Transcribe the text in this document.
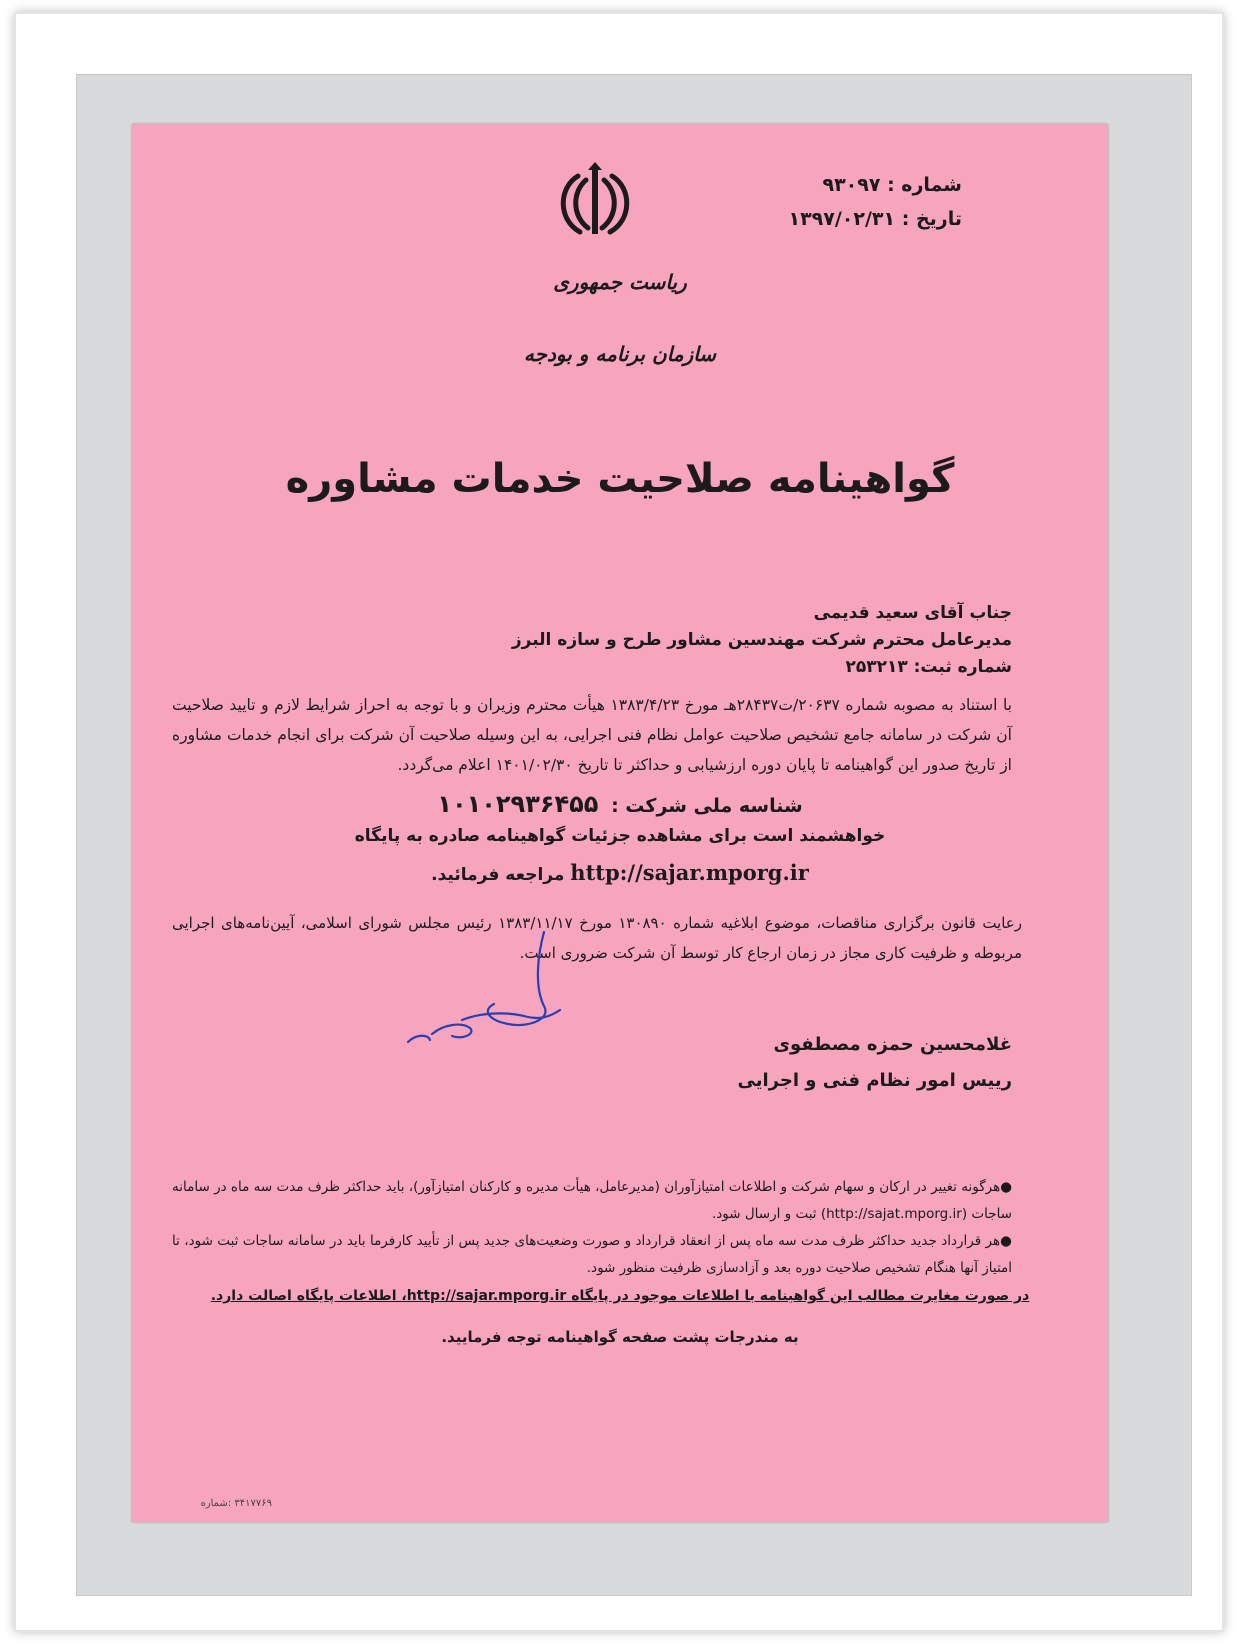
شماره : ۹۳۰۹۷
تاریخ : ۱۳۹۷/۰۲/۳۱
ریاست جمهوری
سازمان برنامه و بودجه
گواهینامه صلاحیت خدمات مشاوره
جناب آقای سعید قدیمی
مدیرعامل محترم شرکت مهندسین مشاور طرح و سازه البرز
شماره ثبت: ۲۵۳۲۱۳
با استناد به مصوبه شماره ۲۰۶۳۷/ت۲۸۴۳۷هـ مورخ ۱۳۸۳/۴/۲۳ هیأت محترم وزیران و با توجه به احراز شرایط لازم و تایید صلاحیت آن شرکت در سامانه جامع تشخیص صلاحیت عوامل نظام فنی اجرایی، به این وسیله صلاحیت آن شرکت برای انجام خدمات مشاوره از تاریخ صدور این گواهینامه تا پایان دوره ارزشیابی و حداکثر تا تاریخ ۱۴۰۱/۰۲/۳۰ اعلام می‌گردد.
شناسه ملی شرکت : ۱۰۱۰۲۹۳۶۴۵۵
خواهشمند است برای مشاهده جزئیات گواهینامه صادره به پایگاه
http://sajar.mporg.ir مراجعه فرمائید.
رعایت قانون برگزاری مناقصات، موضوع ابلاغیه شماره ۱۳۰۸۹۰ مورخ ۱۳۸۳/۱۱/۱۷ رئیس مجلس شورای اسلامی، آیین‌نامه‌های اجرایی مربوطه و ظرفیت کاری مجاز در زمان ارجاع کار توسط آن شرکت ضروری است.
غلامحسین حمزه مصطفوی
رییس امور نظام فنی و اجرایی

●هرگونه تغییر در ارکان و سهام شرکت و اطلاعات امتیازآوران (مدیرعامل، هیأت مدیره و کارکنان امتیازآور)، باید حداکثر ظرف مدت سه ماه در سامانه ساجات (http://sajat.mporg.ir) ثبت و ارسال شود.

●هر قرارداد جدید حداکثر ظرف مدت سه ماه پس از انعقاد قرارداد و صورت وضعیت‌های جدید پس از تأیید کارفرما باید در سامانه ساجات ثبت شود، تا امتیاز آنها هنگام تشخیص صلاحیت دوره بعد و آزادسازی ظرفیت منظور شود.

در صورت مغایرت مطالب این گواهینامه با اطلاعات موجود در پایگاه http://sajar.mporg.ir، اطلاعات پایگاه اصالت دارد.
به مندرجات پشت صفحه گواهینامه توجه فرمایید.
۳۴۱۷۷۶۹ :شماره
